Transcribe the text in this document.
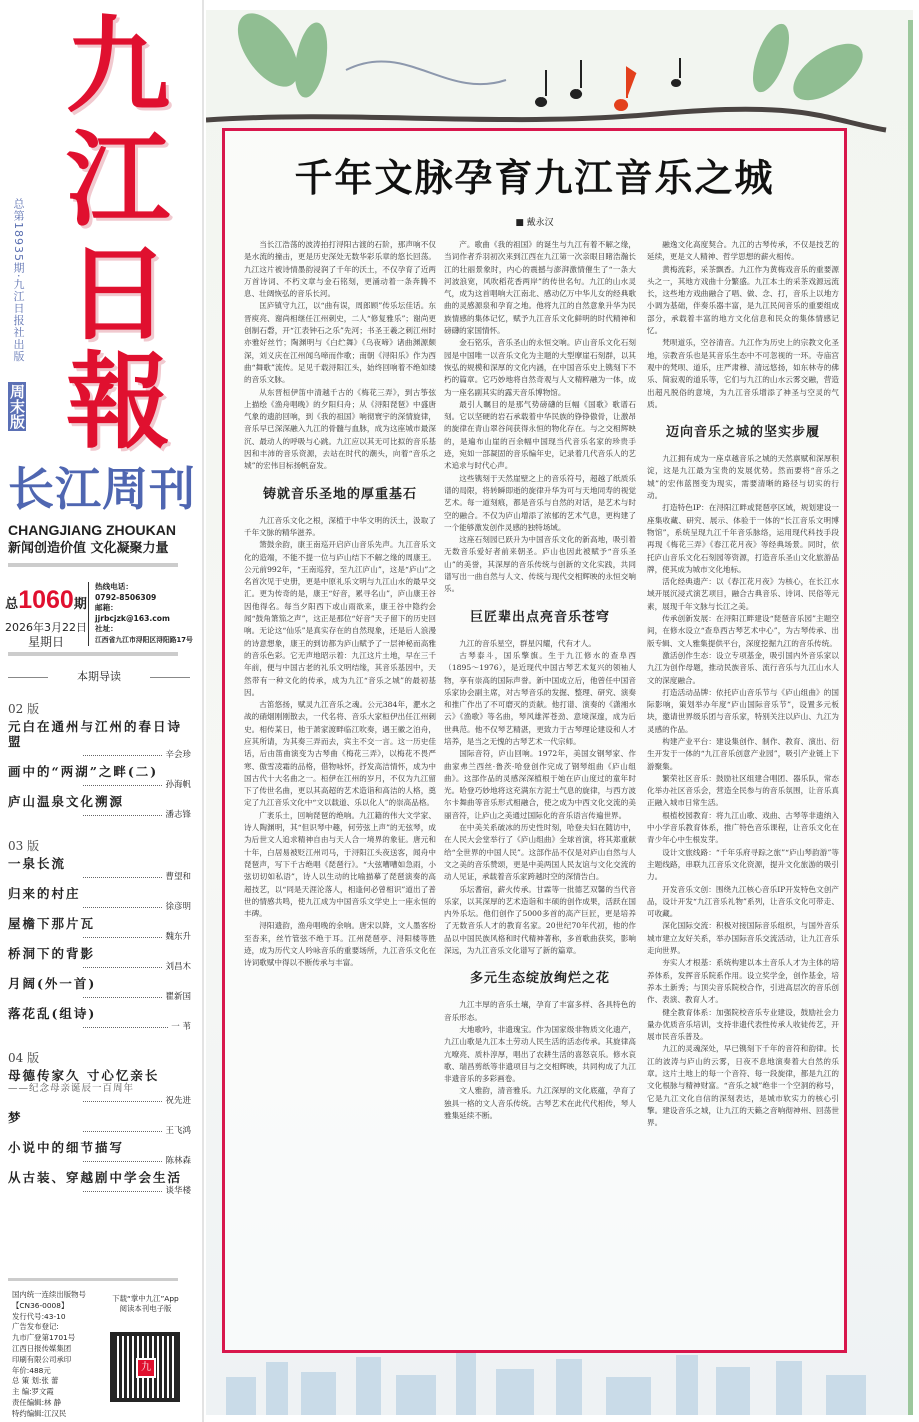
九
江
日
報
总第18935期·九江日报社出版
周末版
长江周刊
CHANGJIANG ZHOUKAN
新闻创造价值 文化凝聚力量
总1060期
2026年3月22日
星期日
热线电话：
0792-8506309
邮箱：
jjrbcjzk@163.com
社址：
江西省九江市浔阳区浔阳路17号
本期导读
02 版
元白在通州与江州的春日诗盟
辛会珍
画中的“两湖”之畔(二)
孙海帆
庐山温泉文化溯源
潘志锋
03 版
一泉长流
曹望和
归来的村庄
徐彦明
屋檐下那片瓦
魏东升
桥洞下的背影
刘昌木
月阔(外一首)
瞿新国
落花乱(组诗)
一 苇
04 版
母德传家久 寸心忆亲长
——纪念母亲诞辰一百周年
祝先进
梦
王飞鸿
小说中的细节描写
陈林森
从古装、穿越剧中学会生活
谈华楼
国内统一连续出版物号
【CN36-0008】
发行代号:43-10
广告发布登记:
九市广登第1701号
江西日报传媒集团
印刷有限公司承印
年价:488元
总 策 划:张 蕾
主 编:罗文霞
责任编辑:林 静
特约编辑:江汉民
下载“掌中九江”App 阅读本刊电子版
九
千年文脉孕育九江音乐之城
■ 戴永汉

当长江浩荡的波涛拍打浔阳古渡的石阶，那声响不仅是水流的撞击，更是历史深处无数华彩乐章的悠长回荡。九江这片被诗情墨韵浸润了千年的沃土，不仅孕育了近两万首诗词、不朽文章与金石铭刻，更涌动着一条奔腾不息、壮阔恢弘的音乐长河。

匡庐镇守九江，以“曲有误，周郎顾”传乐坛佳话。东晋庾亮、谢尚相继任江州刺史，二人“修复雅乐”；谢尚更创制石磬，开“江表钟石之乐”先河；书圣王羲之刺江州时亦雅好丝竹；陶渊明与《白纻舞》《乌夜啼》诸曲渊源颇深，刘义庆在江州闻乌啼而作歌；南朝《浔阳乐》作为西曲“舞歌”流传。足见千载浔阳江头，始终回响着不绝如缕的音乐文脉。

从东晋桓伊笛中清越千古的《梅花三弄》，到古筝弦上描绘《渔舟唱晚》的夕阳归舟；从《浔阳琵琶》中盛唐气象的遗韵回响，到《我的祖国》响彻寰宇的深情旋律，音乐早已深深融入九江的骨髓与血脉，成为这座城市最深沉、最动人的呼吸与心跳。九江应以其无可比拟的音乐基因和丰沛的音乐资源，去站在时代的潮头，向着“音乐之城”的宏伟目标扬帆奋发。

铸就音乐圣地的厚重基石

九江音乐文化之根，深植于中华文明的沃土，汲取了千年文脉的精华滋养。

箫鼓余韵，康王南巡开启庐山音乐先声。九江音乐文化的造端，不能不提一位与庐山结下不解之缘的周康王。公元前992年，“王南巡狩，至九江庐山”，这是“庐山”之名首次见于史册，更是中原礼乐文明与九江山水的最早交汇。更为传奇的是，康王“好音，累寻名山”，庐山康王谷因他得名。每当夕阳西下或山雨欲来，康王谷中隐约会闻“鼓角箫笳之声”，这正是那位“好音”天子留下的历史回响。无论这“仙乐”是真实存在的自然现象，还是后人浪漫的诗意想象，康王的到访都为庐山赋予了一层神秘而高雅的音乐色彩。它无声地昭示着：九江这片土地，早在三千年前，便与中国古老的礼乐文明结缘，其音乐基因中，天然带有一种文化的传承，成为九江“音乐之城”的最初基因。

古笛悠扬，赋灵九江音乐之魂。公元384年，淝水之战的硝烟刚刚散去，一代名将、音乐大家桓伊出任江州刺史。相传某日，他于萧家渡畔临江吹奏，遇王徽之泊舟，应其所请，为其奏三弄而去，宾主不交一言。这一历史佳话，后由笛曲演变为古琴曲《梅花三弄》，以梅花不畏严寒、傲雪凌霜的品格，借物咏怀，抒发高洁情怀，成为中国古代十大名曲之一。桓伊在江州的岁月，不仅为九江留下了传世名曲，更以其高超的艺术造诣和高洁的人格，奠定了九江音乐文化中“文以载道、乐以化人”的崇高品格。

广袤乐土，回响琵琶的绝响。九江籍的伟大文学家、诗人陶渊明，其“但识琴中趣，何劳弦上声”的无弦琴，成为后世文人追求精神自由与天人合一境界的象征。唐元和十年，白居易被贬江州司马，于浔阳江头夜送客，闻舟中琵琶声，写下千古绝唱《琵琶行》。“大弦嘈嘈如急雨，小弦切切如私语”，诗人以生动的比喻描摹了琵琶演奏的高超技艺，以“同是天涯沦落人，相逢何必曾相识”道出了普世的情感共鸣，使九江成为中国音乐文学史上一座永恒的丰碑。

浔阳遗韵，渔舟唱晚的余响。唐宋以降，文人墨客纷至沓来，丝竹管弦不绝于耳。江州琵琶亭、浔阳楼等胜迹，成为历代文人吟咏音乐的重要场所，九江音乐文化在诗词歌赋中得以不断传承与丰富。

产。歌曲《我的祖国》的诞生与九江有着不解之缘，当词作者乔羽初次来到江西在九江第一次亲眼目睹浩瀚长江的壮丽景象时，内心的震撼与澎湃激情催生了“一条大河波浪宽，风吹稻花香两岸”的传世名句。九江的山水灵气，成为这首唱响大江南北、感动亿万中华儿女的经典歌曲的灵感源泉和孕育之地。他将九江的自然意象升华为民族情感的集体记忆，赋予九江音乐文化鲜明的时代精神和磅礴的家国情怀。

金石铭乐，音乐圣山的永恒交响。庐山音乐文化石刻园是中国唯一以音乐文化为主题的大型摩崖石刻群，以其恢弘的规模和深厚的文化内涵，在中国音乐史上镌刻下不朽的篇章。它巧妙地将自然奇观与人文精粹融为一体，成为一座名副其实的露天音乐博物馆。

最引人瞩目的是那气势磅礴的巨幅《国歌》歌谱石刻。它以坚硬的岩石承载着中华民族的铮铮傲骨，让激昂的旋律在青山翠谷间获得永恒的物化存在。与之交相辉映的，是遍布山崖的百余幅中国现当代音乐名家的珍贵手迹，宛如一部凝固的音乐编年史，记录着几代音乐人的艺术追求与时代心声。

这些镌刻于天然崖壁之上的音乐符号，超越了纸质乐谱的局限，将转瞬即逝的旋律升华为可与天地同寿的视觉艺术。每一道刻痕，都是音乐与自然的对话，是艺术与时空的融合。不仅为庐山增添了浓郁的艺术气息，更构建了一个能够激发创作灵感的独特场域。

这座石刻园已跃升为中国音乐文化的新高地，吸引着无数音乐爱好者前来朝圣。庐山也因此被赋予“音乐圣山”的美誉，其深厚的音乐传统与创新的文化实践，共同谱写出一曲自然与人文、传统与现代交相辉映的永恒交响乐。

巨匠辈出点亮音乐苍穹

九江的音乐星空，群星闪耀，代有才人。

古琴泰斗，国乐擎旗。生于九江修水的查阜西（1895～1976），是近现代中国古琴艺术复兴的领袖人物，享有崇高的国际声誉。新中国成立后，他曾任中国音乐家协会副主席，对古琴音乐的发掘、整理、研究、演奏和推广作出了不可磨灭的贡献。他打谱、演奏的《潇湘水云》《渔歌》等名曲，琴风雄浑苍劲、意境深邃，成为后世典范。他不仅琴艺精湛，更致力于古琴理论建设和人才培养，是当之无愧的古琴艺术一代宗师。

国际音符，庐山回响。1972年，美国女钢琴家、作曲家弗兰西丝·鲁茨·哈登创作完成了钢琴组曲《庐山组曲》。这部作品的灵感深深植根于她在庐山度过的童年时光。哈登巧妙地将这充满东方泥土气息的旋律，与西方波尔卡舞曲等音乐形式相融合，使之成为中西文化交流的美丽音符，让庐山之美通过国际化的音乐语言传遍世界。

在中美关系破冰的历史性时刻，哈登夫妇在随访中，在人民大会堂举行了《庐山组曲》全球首演，将其郑重献给“全世界的中国人民”。这部作品不仅是对庐山自然与人文之美的音乐赞颂，更是中美两国人民友谊与文化交流的动人见证，承载着音乐家跨越时空的深情告白。

乐坛耆宿，薪火传承。甘霖等一批德艺双馨的当代音乐家，以其深厚的艺术造诣和丰硕的创作成果，活跃在国内外乐坛。他们创作了5000多首的高产巨匠，更是培养了无数音乐人才的教育名家。20世纪70年代初，他的作品以中国民族风格和时代精神著称，多首歌曲获奖，影响深远，为九江音乐文化谱写了新的篇章。

多元生态绽放绚烂之花

九江丰厚的音乐土壤，孕育了丰富多样、各具特色的音乐形态。

大地歌吟，非遗瑰宝。作为国家级非物质文化遗产，九江山歌是九江本土劳动人民生活的活态传承。其旋律高亢嘹亮、质朴淳厚，唱出了农耕生活的喜怒哀乐。修水哀歌、瑞昌剪纸等非遗项目与之交相辉映，共同构成了九江非遗音乐的多彩画卷。

文人雅韵，清音雅乐。九江深厚的文化底蕴，孕育了独具一格的文人音乐传统。古琴艺术在此代代相传，琴人雅集延续不断。

融逸文化高度契合。九江的古琴传承，不仅是技艺的延续，更是文人精神、哲学思想的薪火相传。

黄梅流彩，采茶飘香。九江作为黄梅戏音乐的重要源头之一，其地方戏曲十分繁盛。九江本土的采茶戏源远流长，这些地方戏曲融合了唱、做、念、打，音乐上以地方小调为基础，伴奏乐器丰富，是九江民间音乐的重要组成部分，承载着丰富的地方文化信息和民众的集体情感记忆。

梵呗道乐，空谷清音。九江作为历史上的宗教文化圣地，宗教音乐也是其音乐生态中不可忽视的一环。寺庙宫观中的梵呗、道乐，庄严肃穆、清远悠扬，如东林寺的佛乐、简寂观的道乐等，它们与九江的山水云雾交融，营造出超凡脱俗的意境，为九江音乐增添了神圣与空灵的气质。

迈向音乐之城的坚实步履

九江拥有成为一座卓越音乐之城的天然禀赋和深厚积淀，这是九江最为宝贵的发展优势。然而要将“音乐之城”的宏伟蓝图变为现实，需要清晰的路径与切实的行动。

打造特色IP：在浔阳江畔或琵琶亭区域，规划建设一座集收藏、研究、展示、体验于一体的“长江音乐文明博物馆”，系统呈现九江千年音乐脉络，运用现代科技手段再现《梅花三弄》《春江花月夜》等经典场景。同时，依托庐山音乐文化石刻园等资源，打造音乐圣山文化旅游品牌，使其成为城市文化地标。

活化经典遗产：以《春江花月夜》为核心，在长江水域开展沉浸式演艺项目，融合古典音乐、诗词、民俗等元素，展现千年文脉与长江之美。

传承创新发展：在浔阳江畔建设“琵琶音乐园”主题空间，在修水设立“查阜西古琴艺术中心”，为古琴传承、出版专辑、文人雅集提供平台，深度挖掘九江的音乐传统。

激活创作生态：设立专项基金，吸引国内外音乐家以九江为创作母题，推动民族音乐、流行音乐与九江山水人文的深度融合。

打造活动品牌：依托庐山音乐节与《庐山组曲》的国际影响，策划举办年度“庐山国际音乐节”，设置多元板块，邀请世界级乐团与音乐家，特别关注以庐山、九江为灵感的作品。

构建产业平台：建设集创作、制作、教育、演出、衍生开发于一体的“九江音乐创意产业园”，吸引产业链上下游聚集。

繁荣社区音乐：鼓励社区组建合唱团、器乐队，常态化举办社区音乐会，营造全民参与的音乐氛围，让音乐真正融入城市日常生活。

根植校园教育：将九江山歌、戏曲、古琴等非遗纳入中小学音乐教育体系，推广特色音乐课程，让音乐文化在青少年心中生根发芽。

设计文旅线路：“千年乐府寻踪之旅”“庐山琴韵游”等主题线路，串联九江音乐文化资源，提升文化旅游的吸引力。

开发音乐文创：围绕九江核心音乐IP开发特色文创产品，设计开发“九江音乐礼物”系列，让音乐文化可带走、可收藏。

深化国际交流：积极对接国际音乐组织，与国外音乐城市建立友好关系，举办国际音乐交流活动，让九江音乐走向世界。

夯实人才根基：系统构建以本土音乐人才为主体的培养体系，发挥音乐院系作用。设立奖学金，创作基金，培养本土新秀；与顶尖音乐院校合作，引进高层次的音乐创作、表演、教育人才。

健全教育体系：加强院校音乐专业建设，鼓励社会力量办优质音乐培训，支持非遗代表性传承人收徒传艺，开展市民音乐普及。

九江的灵魂深处，早已镌刻下千年的音符和韵律。长江的波涛与庐山的云雾，日夜不息地演奏着大自然的乐章。这片土地上的每一个音符、每一段旋律，都是九江的文化根脉与精神财富。“音乐之城”绝非一个空洞的称号，它是九江文化自信的深刻表达，是城市软实力的核心引擎。建设音乐之城，让九江的天籁之音响彻神州、回荡世界。
